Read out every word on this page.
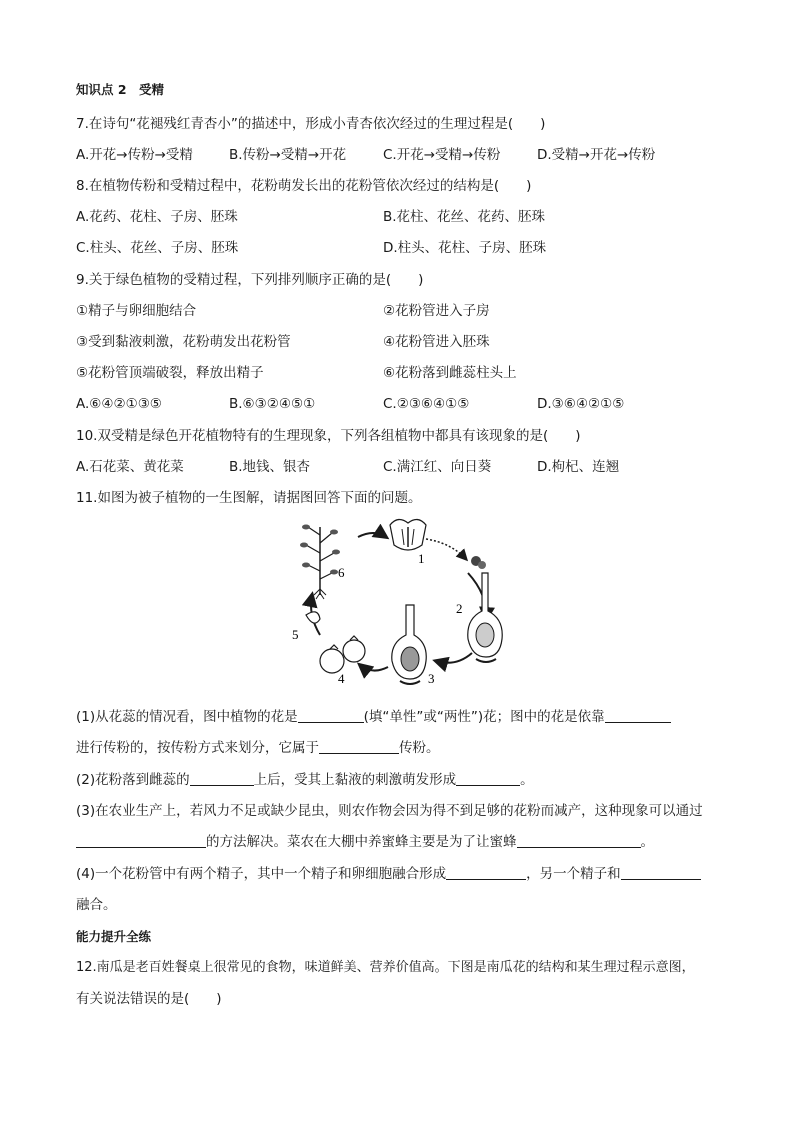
知识点 2　受精
7.在诗句“花褪残红青杏小”的描述中，形成小青杏依次经过的生理过程是(　　)
A.开花→传粉→受精	B.传粉→受精→开花	C.开花→受精→传粉	D.受精→开花→传粉
8.在植物传粉和受精过程中，花粉萌发长出的花粉管依次经过的结构是(　　)
A.花药、花柱、子房、胚珠	B.花柱、花丝、花药、胚珠
C.柱头、花丝、子房、胚珠	D.柱头、花柱、子房、胚珠
9.关于绿色植物的受精过程，下列排列顺序正确的是(　　)
①精子与卵细胞结合	②花粉管进入子房
③受到黏液刺激，花粉萌发出花粉管	④花粉管进入胚珠
⑤花粉管顶端破裂，释放出精子	⑥花粉落到雌蕊柱头上
A.⑥④②①③⑤	B.⑥③②④⑤①	C.②③⑥④①⑤	D.③⑥④②①⑤
10.双受精是绿色开花植物特有的生理现象，下列各组植物中都具有该现象的是(　　)
A.石花菜、黄花菜	B.地钱、银杏	C.满江红、向日葵	D.枸杞、连翘
11.如图为被子植物的一生图解，请据图回答下面的问题。
1
2
3
4
5
6
(1)从花蕊的情况看，图中植物的花是	(填“单性”或“两性”)花；图中的花是依靠
进行传粉的，按传粉方式来划分，它属于	传粉。
(2)花粉落到雌蕊的	上后，受其上黏液的刺激萌发形成	。
(3)在农业生产上，若风力不足或缺少昆虫，则农作物会因为得不到足够的花粉而减产，这种现象可以通过
的方法解决。菜农在大棚中养蜜蜂主要是为了让蜜蜂	。
(4)一个花粉管中有两个精子，其中一个精子和卵细胞融合形成	，另一个精子和
融合。
能力提升全练
12.南瓜是老百姓餐桌上很常见的食物，味道鲜美、营养价值高。下图是南瓜花的结构和某生理过程示意图，
有关说法错误的是(　　)
